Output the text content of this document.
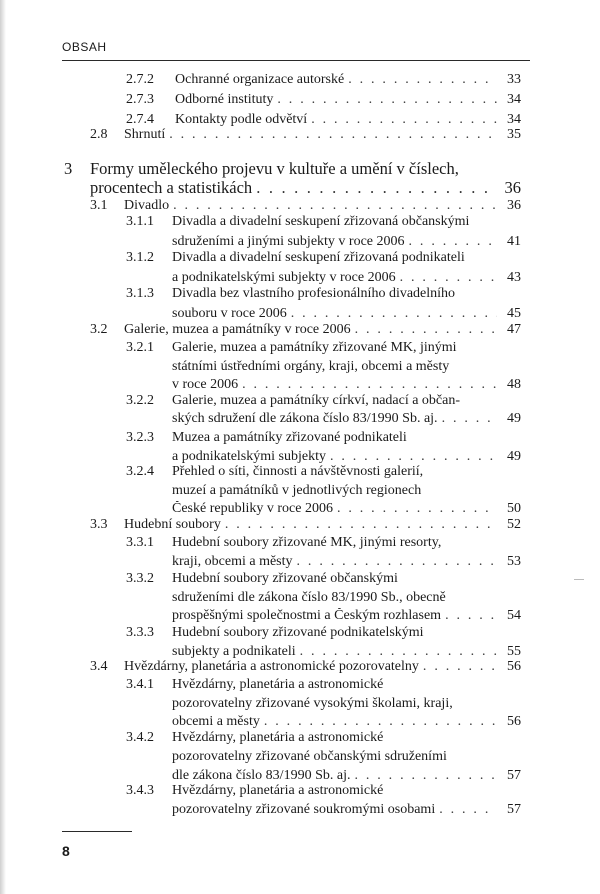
OBSAH
2.7.2 Ochranné organizace autorské . . .	33
2.7.3 Odborné instituty . . .	34
2.7.4 Kontakty podle odvětví . . .	34
2.8 Shrnutí . . .	35
3 Formy uměleckého projevu v kultuře a umění v číslech,
procentech a statistikách . . .	36
3.1 Divadlo . . .	36
3.1.1 Divadla a divadelní seskupení zřizovaná občanskými
sdruženími a jinými subjekty v roce 2006 . . .	41
3.1.2 Divadla a divadelní seskupení zřizovaná podnikateli
a podnikatelskými subjekty v roce 2006 . . .	43
3.1.3 Divadla bez vlastního profesionálního divadelního
souboru v roce 2006 . . .	45
3.2 Galerie, muzea a památníky v roce 2006 . . .	47
3.2.1 Galerie, muzea a památníky zřizované MK, jinými
státními ústředními orgány, kraji, obcemi a městy
v roce 2006 . . .	48
3.2.2 Galerie, muzea a památníky církví, nadací a občan-
ských sdružení dle zákona číslo 83/1990 Sb. aj. . . .	49
3.2.3 Muzea a památníky zřizované podnikateli
a podnikatelskými subjekty . . .	49
3.2.4 Přehled o síti, činnosti a návštěvnosti galerií,
muzeí a památníků v jednotlivých regionech
České republiky v roce 2006 . . .	50
3.3 Hudební soubory . . .	52
3.3.1 Hudební soubory zřizované MK, jinými resorty,
kraji, obcemi a městy . . .	53
3.3.2 Hudební soubory zřizované občanskými
sdruženími dle zákona číslo 83/1990 Sb., obecně
prospěšnými společnostmi a Českým rozhlasem . . .	54
3.3.3 Hudební soubory zřizované podnikatelskými
subjekty a podnikateli . . .	55
3.4 Hvězdárny, planetária a astronomické pozorovatelny . . .	56
3.4.1 Hvězdárny, planetária a astronomické
pozorovatelny zřizované vysokými školami, kraji,
obcemi a městy . . .	56
3.4.2 Hvězdárny, planetária a astronomické
pozorovatelny zřizované občanskými sdruženími
dle zákona číslo 83/1990 Sb. aj. . . .	57
3.4.3 Hvězdárny, planetária a astronomické
pozorovatelny zřizované soukromými osobami . . .	57
8
